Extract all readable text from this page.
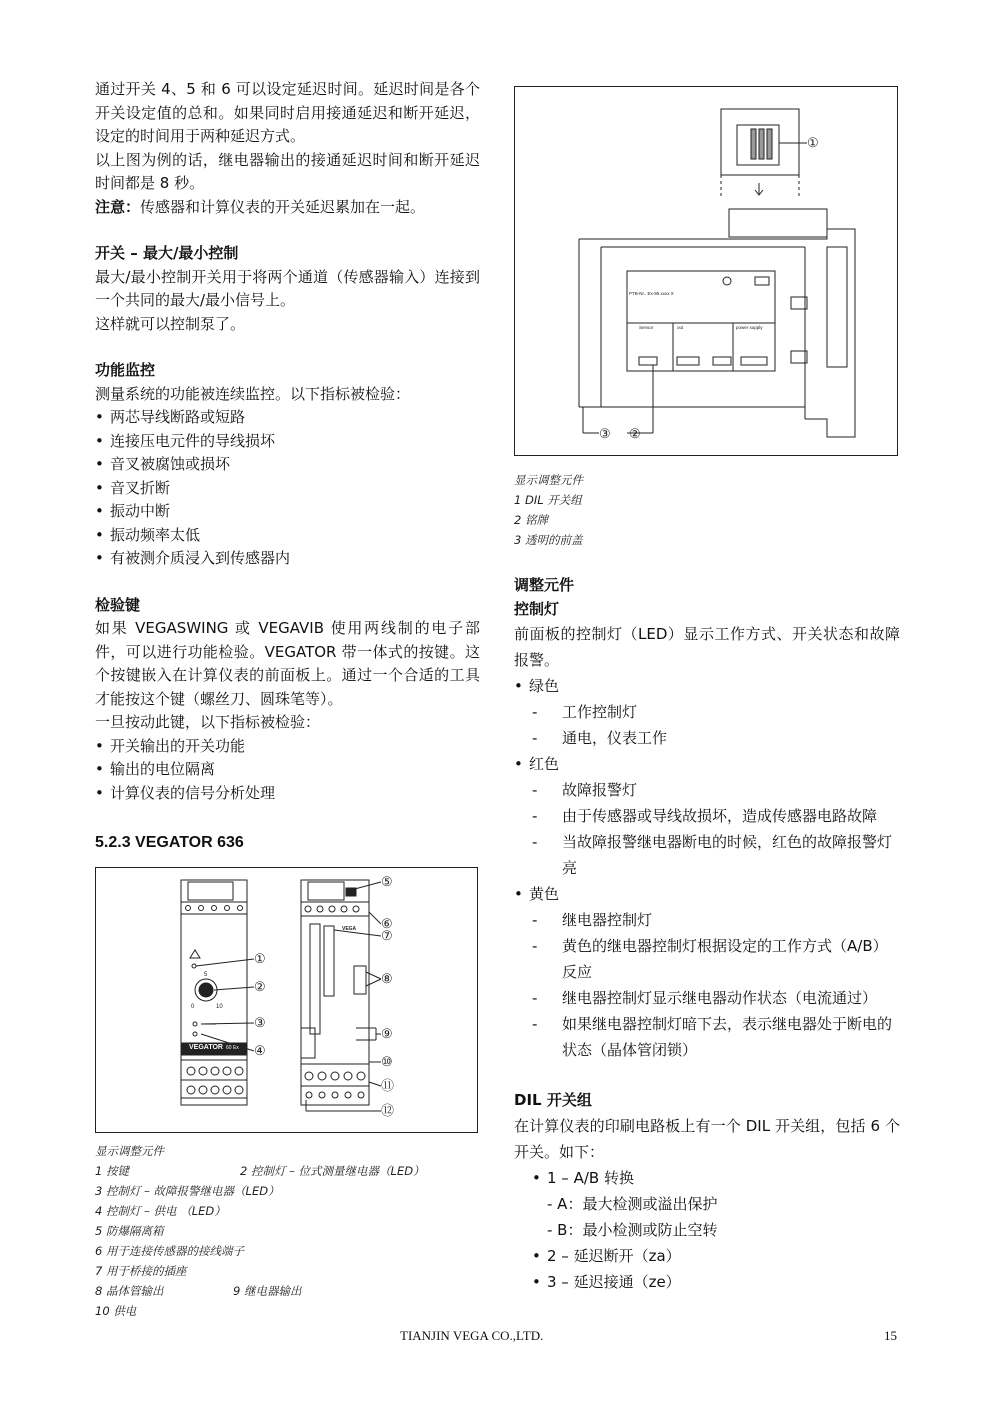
通过开关 4、5 和 6 可以设定延迟时间。延迟时间是各个开关设定值的总和。如果同时启用接通延迟和断开延迟，设定的时间用于两种延迟方式。

以上图为例的话，继电器输出的接通延迟时间和断开延迟时间都是 8 秒。

注意：传感器和计算仪表的开关延迟累加在一起。

开关 – 最大/最小控制

最大/最小控制开关用于将两个通道（传感器输入）连接到一个共同的最大/最小信号上。

这样就可以控制泵了。

功能监控

测量系统的功能被连续监控。以下指标被检验：

• 两芯导线断路或短路

• 连接压电元件的导线损坏

• 音叉被腐蚀或损坏

• 音叉折断

• 振动中断

• 振动频率太低

• 有被测介质浸入到传感器内

检验键

如果 VEGASWING 或 VEGAVIB 使用两线制的电子部件，可以进行功能检验。VEGATOR 带一体式的按键。这个按键嵌入在计算仪表的前面板上。通过一个合适的工具才能按这个键（螺丝刀、圆珠笔等）。

一旦按动此键，以下指标被检验：

• 开关输出的开关功能

• 输出的电位隔离

• 计算仪表的信号分析处理

5.2.3 VEGATOR 636

VEGATOR 60 Ex
5
0	10
VEGA
①
②
③
④
⑤
⑥
⑦
⑧
⑨
⑩
⑪
⑫

显示调整元件

1 按键	2 控制灯 – 位式测量继电器（LED）

3 控制灯 – 故障报警继电器（LED）

4 控制灯 – 供电 （LED）

5 防爆隔离箱

6 用于连接传感器的接线端子

7 用于桥接的插座

8 晶体管输出	9 继电器输出

10 供电

PTB-Nr.. Ex-95.xxxx X
Sensor	out	power supply
①
②
③

显示调整元件

1 DIL 开关组

2 铭牌

3 透明的前盖

调整元件

控制灯

前面板的控制灯（LED）显示工作方式、开关状态和故障报警。

• 绿色

- 工作控制灯

- 通电，仪表工作

• 红色

- 故障报警灯

- 由于传感器或导线故损坏，造成传感器电路故障

- 当故障报警继电器断电的时候，红色的故障报警灯亮

• 黄色

- 继电器控制灯

- 黄色的继电器控制灯根据设定的工作方式（A/B）反应

- 继电器控制灯显示继电器动作状态（电流通过）

- 如果继电器控制灯暗下去，表示继电器处于断电的状态（晶体管闭锁）

DIL 开关组

在计算仪表的印刷电路板上有一个 DIL 开关组，包括 6 个开关。如下：

• 1 – A/B 转换

- A：最大检测或溢出保护

- B：最小检测或防止空转

• 2 – 延迟断开（za）

• 3 – 延迟接通（ze）

TIANJIN VEGA CO.,LTD.	15
